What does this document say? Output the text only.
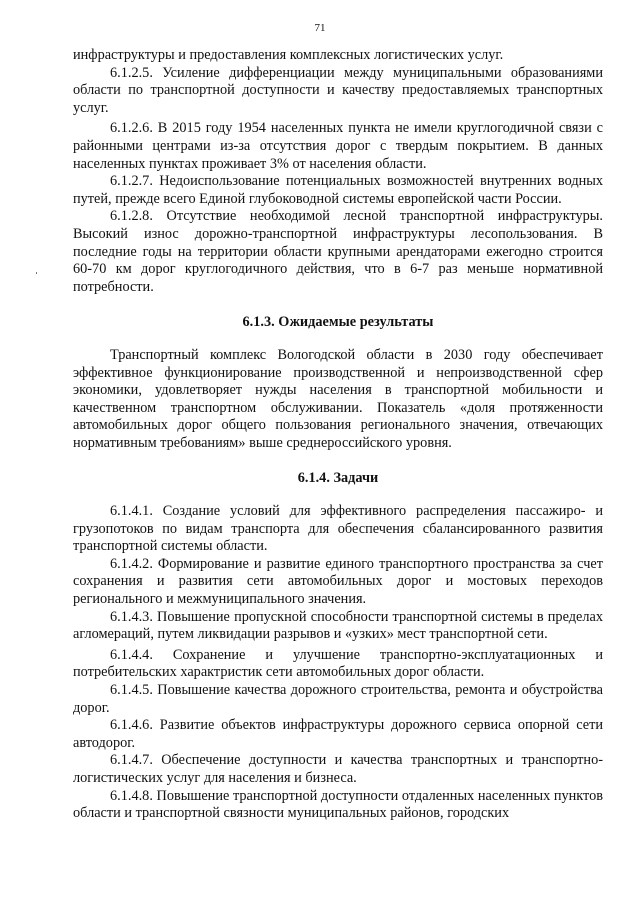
71

инфраструктуры и предоставления комплексных логистических услуг.

6.1.2.5. Усиление дифференциации между муниципальными образованиями области по транспортной доступности и качеству предоставляемых транспортных услуг.

6.1.2.6. В 2015 году 1954 населенных пункта не имели круглогодичной связи с районными центрами из-за отсутствия дорог с твердым покрытием. В данных населенных пунктах проживает 3% от населения области.

6.1.2.7. Недоиспользование потенциальных возможностей внутренних водных путей, прежде всего Единой глубоководной системы европейской части России.

6.1.2.8. Отсутствие необходимой лесной транспортной инфраструктуры. Высокий износ дорожно-транспортной инфраструктуры лесопользования. В последние годы на территории области крупными арендаторами ежегодно строится 60-70 км дорог круглогодичного действия, что в 6-7 раз меньше нормативной потребности.

6.1.3. Ожидаемые результаты

Транспортный комплекс Вологодской области в 2030 году обеспечивает эффективное функционирование производственной и непроизводственной сфер экономики, удовлетворяет нужды населения в транспортной мобильности и качественном транспортном обслуживании. Показатель «доля протяженности автомобильных дорог общего пользования регионального значения, отвечающих нормативным требованиям» выше среднероссийского уровня.

6.1.4. Задачи

6.1.4.1. Создание условий для эффективного распределения пассажиро- и грузопотоков по видам транспорта для обеспечения сбалансированного развития транспортной системы области.

6.1.4.2. Формирование и развитие единого транспортного пространства за счет сохранения и развития сети автомобильных дорог и мостовых переходов регионального и межмуниципального значения.

6.1.4.3. Повышение пропускной способности транспортной системы в пределах агломераций, путем ликвидации разрывов и «узких» мест транспортной сети.

6.1.4.4. Сохранение и улучшение транспортно-эксплуатационных и потребительских характристик сети автомобильных дорог области.

6.1.4.5. Повышение качества дорожного строительства, ремонта и обустройства дорог.

6.1.4.6. Развитие объектов инфраструктуры дорожного сервиса опорной сети автодорог.

6.1.4.7. Обеспечение доступности и качества транспортных и транспортно-логистических услуг для населения и бизнеса.

6.1.4.8. Повышение транспортной доступности отдаленных населенных пунктов области и транспортной связности муниципальных районов, городских
